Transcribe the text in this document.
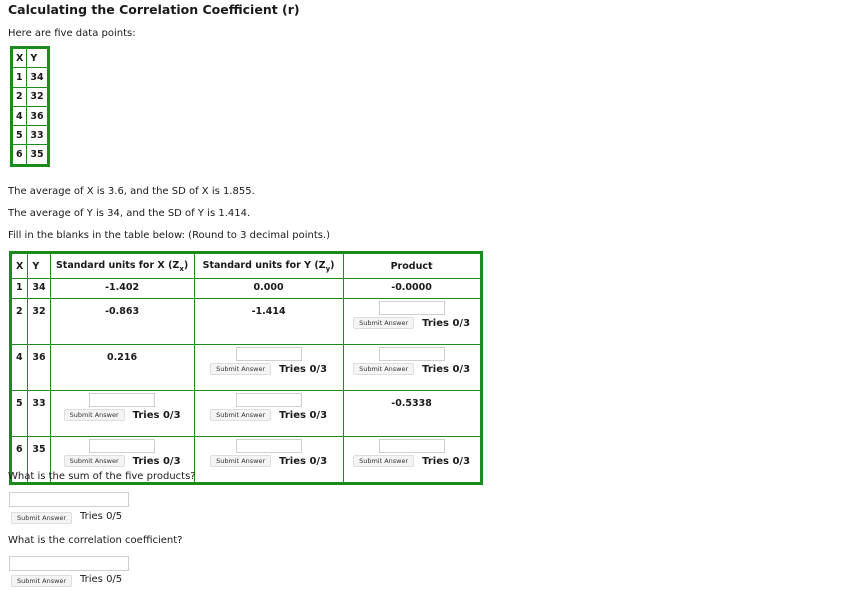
Calculating the Correlation Coefficient (r)

Here are five data points:

X	Y
1	34
2	32
4	36
5	33
6	35

The average of X is 3.6, and the SD of X is 1.855.

The average of Y is 34, and the SD of Y is 1.414.

Fill in the blanks in the table below: (Round to 3 decimal points.)

X	Y	Standard units for X $(Z_x)$	Standard units for Y $(Z_y)$	Product
1	34	-1.402	0.000	-0.0000
2	32	-0.863	-1.414	Submit Answer Tries 0/3

4	36	0.216	Submit Answer Tries 0/3	Submit Answer Tries 0/3

5	33	Submit Answer Tries 0/3	Submit Answer Tries 0/3	-0.5338
6	35	Submit Answer Tries 0/3	Submit Answer Tries 0/3	Submit Answer Tries 0/3

What is the sum of the five products?

Submit Answer	Tries 0/5

What is the correlation coefficient?

Submit Answer	Tries 0/5
